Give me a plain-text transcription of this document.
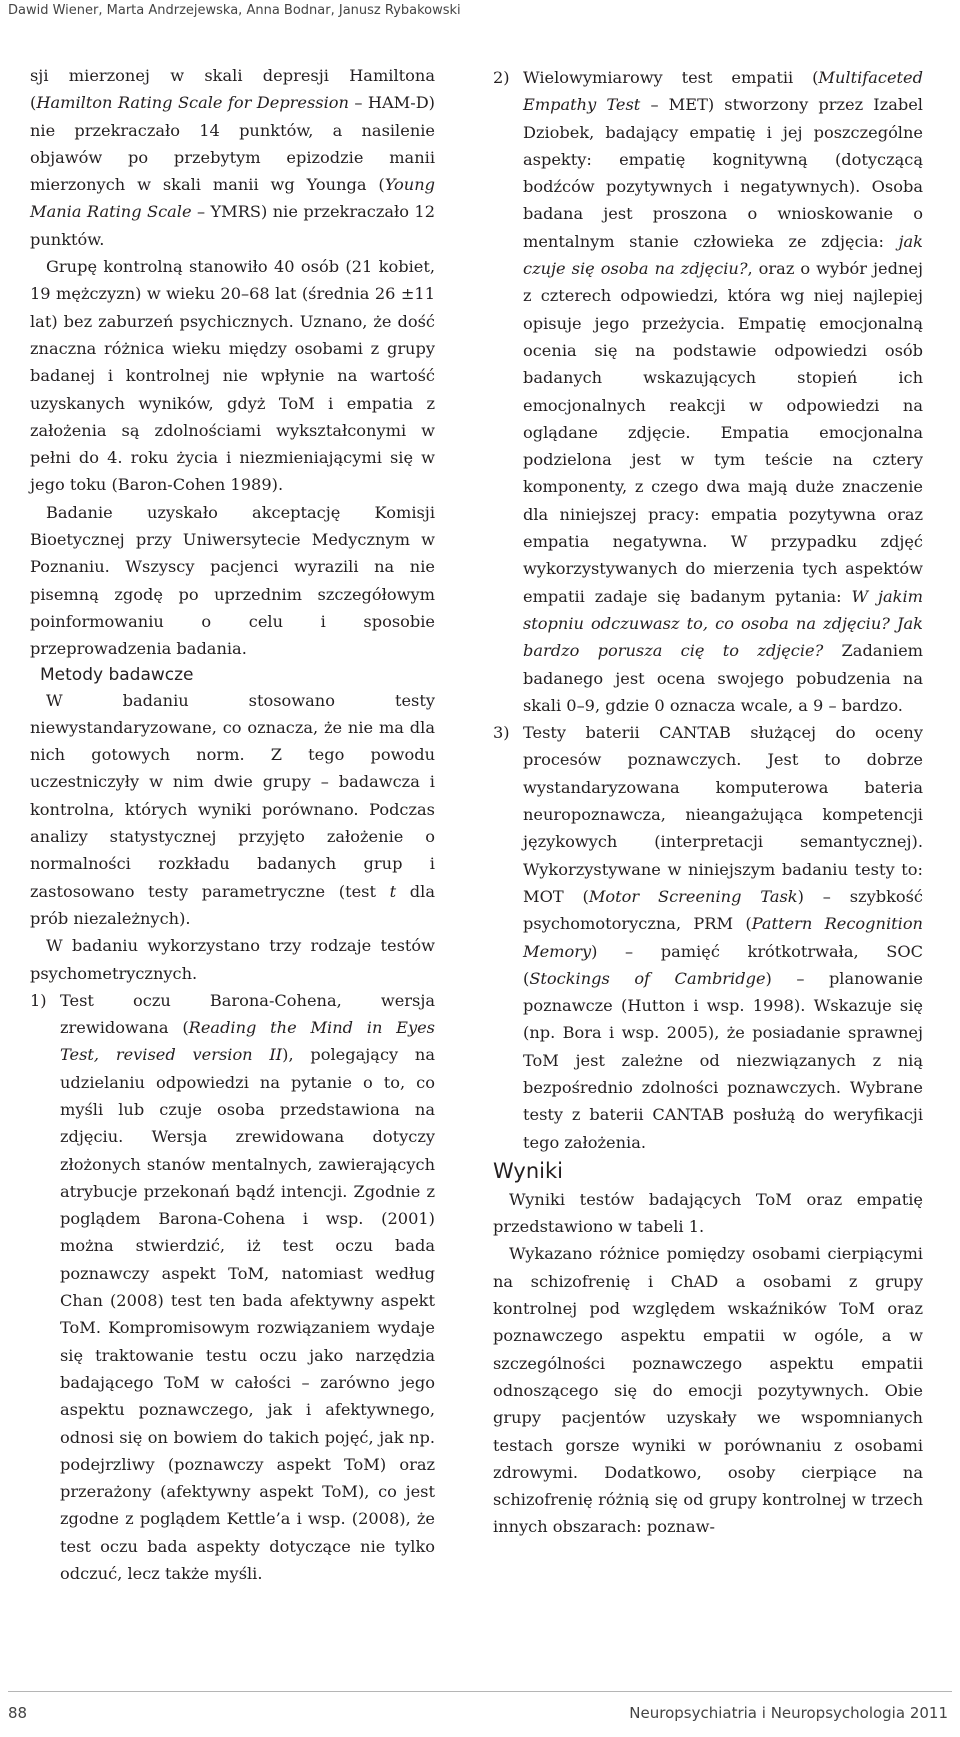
Dawid Wiener, Marta Andrzejewska, Anna Bodnar, Janusz Rybakowski

sji mierzonej w skali depresji Hamiltona (Hamilton Rating Scale for Depression – HAM-D) nie przekraczało 14 punktów, a nasilenie objawów po przebytym epizodzie manii mierzonych w skali manii wg Younga (Young Mania Rating Scale – YMRS) nie przekraczało 12 punktów.

Grupę kontrolną stanowiło 40 osób (21 kobiet, 19 mężczyzn) w wieku 20–68 lat (średnia 26 ±11 lat) bez zaburzeń psychicznych. Uznano, że dość znaczna różnica wieku między osobami z grupy badanej i kontrolnej nie wpłynie na wartość uzyskanych wyników, gdyż ToM i empatia z założenia są zdolnościami wykształconymi w pełni do 4. roku życia i niezmieniającymi się w jego toku (Baron-Cohen 1989).

Badanie uzyskało akceptację Komisji Bioetycznej przy Uniwersytecie Medycznym w Poznaniu. Wszyscy pacjenci wyrazili na nie pisemną zgodę po uprzednim szczegółowym poinformowaniu o celu i sposobie przeprowadzenia badania.

Metody badawcze

W badaniu stosowano testy niewystandaryzowane, co oznacza, że nie ma dla nich gotowych norm. Z tego powodu uczestniczyły w nim dwie grupy – badawcza i kontrolna, których wyniki porównano. Podczas analizy statystycznej przyjęto założenie o normalności rozkładu badanych grup i zastosowano testy parametryczne (test t dla prób niezależnych).

W badaniu wykorzystano trzy rodzaje testów psychometrycznych.

1) Test oczu Barona-Cohena, wersja zrewidowana (Reading the Mind in Eyes Test, revised version II), polegający na udzielaniu odpowiedzi na pytanie o to, co myśli lub czuje osoba przedstawiona na zdjęciu. Wersja zrewidowana dotyczy złożonych stanów mentalnych, zawierających atrybucje przekonań bądź intencji. Zgodnie z poglądem Barona-Cohena i wsp. (2001) można stwierdzić, iż test oczu bada poznawczy aspekt ToM, natomiast według Chan (2008) test ten bada afektywny aspekt ToM. Kompromisowym rozwiązaniem wydaje się traktowanie testu oczu jako narzędzia badającego ToM w całości – zarówno jego aspektu poznawczego, jak i afektywnego, odnosi się on bowiem do takich pojęć, jak np. podejrzliwy (poznawczy aspekt ToM) oraz przerażony (afektywny aspekt ToM), co jest zgodne z poglądem Kettle’a i wsp. (2008), że test oczu bada aspekty dotyczące nie tylko odczuć, lecz także myśli.
2) Wielowymiarowy test empatii (Multifaceted Empathy Test – MET) stworzony przez Izabel Dziobek, badający empatię i jej poszczególne aspekty: empatię kognitywną (dotyczącą bodźców pozytywnych i negatywnych). Osoba badana jest proszona o wnioskowanie o mentalnym stanie człowieka ze zdjęcia: jak czuje się osoba na zdjęciu?, oraz o wybór jednej z czterech odpowiedzi, która wg niej najlepiej opisuje jego przeżycia. Empatię emocjonalną ocenia się na podstawie odpowiedzi osób badanych wskazujących stopień ich emocjonalnych reakcji w odpowiedzi na oglądane zdjęcie. Empatia emocjonalna podzielona jest w tym teście na cztery komponenty, z czego dwa mają duże znaczenie dla niniejszej pracy: empatia pozytywna oraz empatia negatywna. W przypadku zdjęć wykorzystywanych do mierzenia tych aspektów empatii zadaje się badanym pytania: W jakim stopniu odczuwasz to, co osoba na zdjęciu? Jak bardzo porusza cię to zdjęcie? Zadaniem badanego jest ocena swojego pobudzenia na skali 0–9, gdzie 0 oznacza wcale, a 9 – bardzo.
3) Testy baterii CANTAB służącej do oceny procesów poznawczych. Jest to dobrze wystandaryzowana komputerowa bateria neuropoznawcza, nieangażująca kompetencji językowych (interpretacji semantycznej). Wykorzystywane w niniejszym badaniu testy to: MOT (Motor Screening Task) – szybkość psychomotoryczna, PRM (Pattern Recognition Memory) – pamięć krótkotrwała, SOC (Stockings of Cambridge) – planowanie poznawcze (Hutton i wsp. 1998). Wskazuje się (np. Bora i wsp. 2005), że posiadanie sprawnej ToM jest zależne od niezwiązanych z nią bezpośrednio zdolności poznawczych. Wybrane testy z baterii CANTAB posłużą do weryfikacji tego założenia.
Wyniki

Wyniki testów badających ToM oraz empatię przedstawiono w tabeli 1.

Wykazano różnice pomiędzy osobami cierpiącymi na schizofrenię i ChAD a osobami z grupy kontrolnej pod względem wskaźników ToM oraz poznawczego aspektu empatii w ogóle, a w szczególności poznawczego aspektu empatii odnoszącego się do emocji pozytywnych. Obie grupy pacjentów uzyskały we wspomnianych testach gorsze wyniki w porównaniu z osobami zdrowymi. Dodatkowo, osoby cierpiące na schizofrenię różnią się od grupy kontrolnej w trzech innych obszarach: poznaw-

88	Neuropsychiatria i Neuropsychologia 2011
